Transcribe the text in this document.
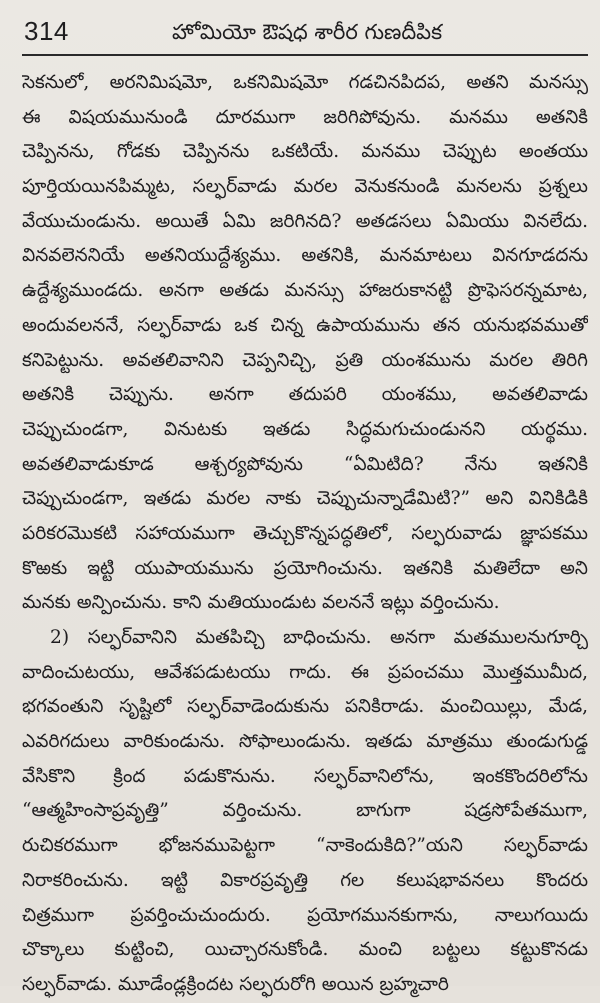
314	హోమియో ఔషధ శారీర గుణదీపిక
సెకనులో, అరనిమిషమో, ఒకనిమిషమో గడచినపిదప, అతని మనస్సు
ఈ విషయమునుండి దూరముగా జరిగిపోవును. మనము అతనికి
చెప్పినను, గోడకు చెప్పినను ఒకటియే. మనము చెప్పుట అంతయు
పూర్తియయినపిమ్మట, సల్ఫర్‌వాడు మరల వెనుకనుండి మనలను ప్రశ్నలు
వేయుచుండును. అయితే ఏమి జరిగినది? అతడసలు ఏమియు వినలేదు.
వినవలెననియే అతనియుద్దేశ్యము. అతనికి, మనమాటలు వినగూడదను
ఉద్దేశ్యముండదు. అనగా అతడు మనస్సు హాజరుకానట్టి ప్రొఫెసరన్నమాట,
అందువలననే, సల్ఫర్‌వాడు ఒక చిన్న ఉపాయమును తన యనుభవముతో
కనిపెట్టును. అవతలివానిని చెప్పనిచ్చి, ప్రతి యంశమును మరల తిరిగి
అతనికి చెప్పును. అనగా తదుపరి యంశము, అవతలివాడు
చెప్పుచుండగా, వినుటకు ఇతడు సిద్ధమగుచుండునని యర్థము.
అవతలివాడుకూడ ఆశ్చర్యపోవును “ఏమిటిది? నేను ఇతనికి
చెప్పుచుండగా, ఇతడు మరల నాకు చెప్పుచున్నాడేమిటి?” అని వినికిడికి
పరికరమొకటి సహాయముగా తెచ్చుకొన్నపద్ధతిలో, సల్ఫరువాడు జ్ఞాపకము
కొఱకు ఇట్టి యుపాయమును ప్రయోగించును. ఇతనికి మతిలేదా అని
మనకు అన్పించును. కాని మతియుండుట వలననే ఇట్లు వర్తించును.
2) సల్ఫర్‌వానిని మతపిచ్చి బాధించును. అనగా మతములనుగూర్చి
వాదించుటయు, ఆవేశపడుటయు గాదు. ఈ ప్రపంచము మొత్తముమీద,
భగవంతుని సృష్టిలో సల్ఫర్‌వాడెందుకును పనికిరాడు. మంచియిల్లు, మేడ,
ఎవరిగదులు వారికుండును. సోఫాలుండును. ఇతడు మాత్రము తుండుగుడ్డ
వేసికొని క్రింద పడుకొనును. సల్ఫర్‌వానిలోను, ఇంకకొందరిలోను
“ఆత్మహింసాప్రవృత్తి” వర్తించును. బాగుగా షడ్రసోపేతముగా,
రుచికరముగా భోజనముపెట్టగా “నాకెందుకిది?”యని సల్ఫర్‌వాడు
నిరాకరించును. ఇట్టి వికారప్రవృత్తి గల కలుషభావనలు కొందరు
చిత్రముగా ప్రవర్తించుచుందురు. ప్రయోగమునకుగాను, నాలుగయిదు
చొక్కాలు కుట్టించి, యిచ్చారనుకోండి. మంచి బట్టలు కట్టుకొనడు
సల్ఫర్‌వాడు. మూడేండ్లక్రిందట సల్ఫరురోగి అయిన బ్రహ్మచారి
